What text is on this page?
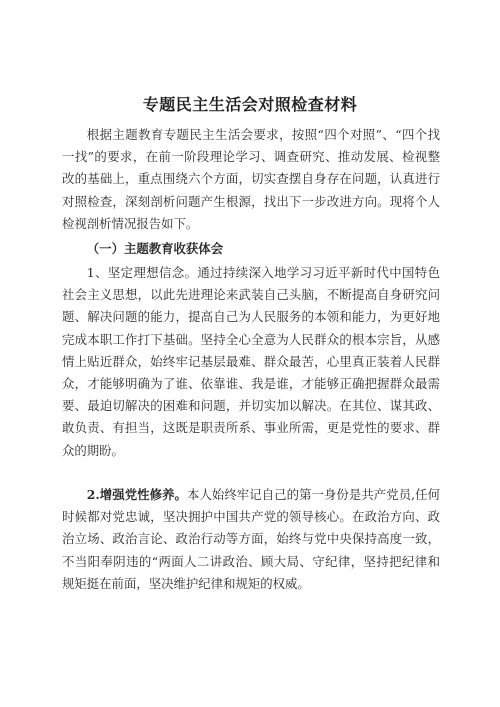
专题民主生活会对照检查材料

根据主题教育专题民主生活会要求，按照“四个对照”、“四个找一找”的要求，在前一阶段理论学习、调查研究、推动发展、检视整改的基础上，重点围绕六个方面，切实查摆自身存在问题，认真进行对照检查，深刻剖析问题产生根源，找出下一步改进方向。现将个人检视剖析情况报告如下。

（一）主题教育收获体会

1、坚定理想信念。通过持续深入地学习习近平新时代中国特色社会主义思想，以此先进理论来武装自己头脑，不断提高自身研究问题、解决问题的能力，提高自己为人民服务的本领和能力，为更好地完成本职工作打下基础。坚持全心全意为人民群众的根本宗旨，从感情上贴近群众，始终牢记基层最难、群众最苦，心里真正装着人民群众，才能够明确为了谁、依靠谁、我是谁，才能够正确把握群众最需要、最迫切解决的困难和问题，并切实加以解决。在其位、谋其政、敢负责、有担当，这既是职责所系、事业所需，更是党性的要求、群众的期盼。

2.增强党性修养。本人始终牢记自己的第一身份是共产党员,任何时候都对党忠诚，坚决拥护中国共产党的领导核心。在政治方向、政治立场、政治言论、政治行动等方面，始终与党中央保持高度一致，不当阳奉阴违的“两面人二讲政治、顾大局、守纪律，坚持把纪律和规矩挺在前面，坚决维护纪律和规矩的权威。
